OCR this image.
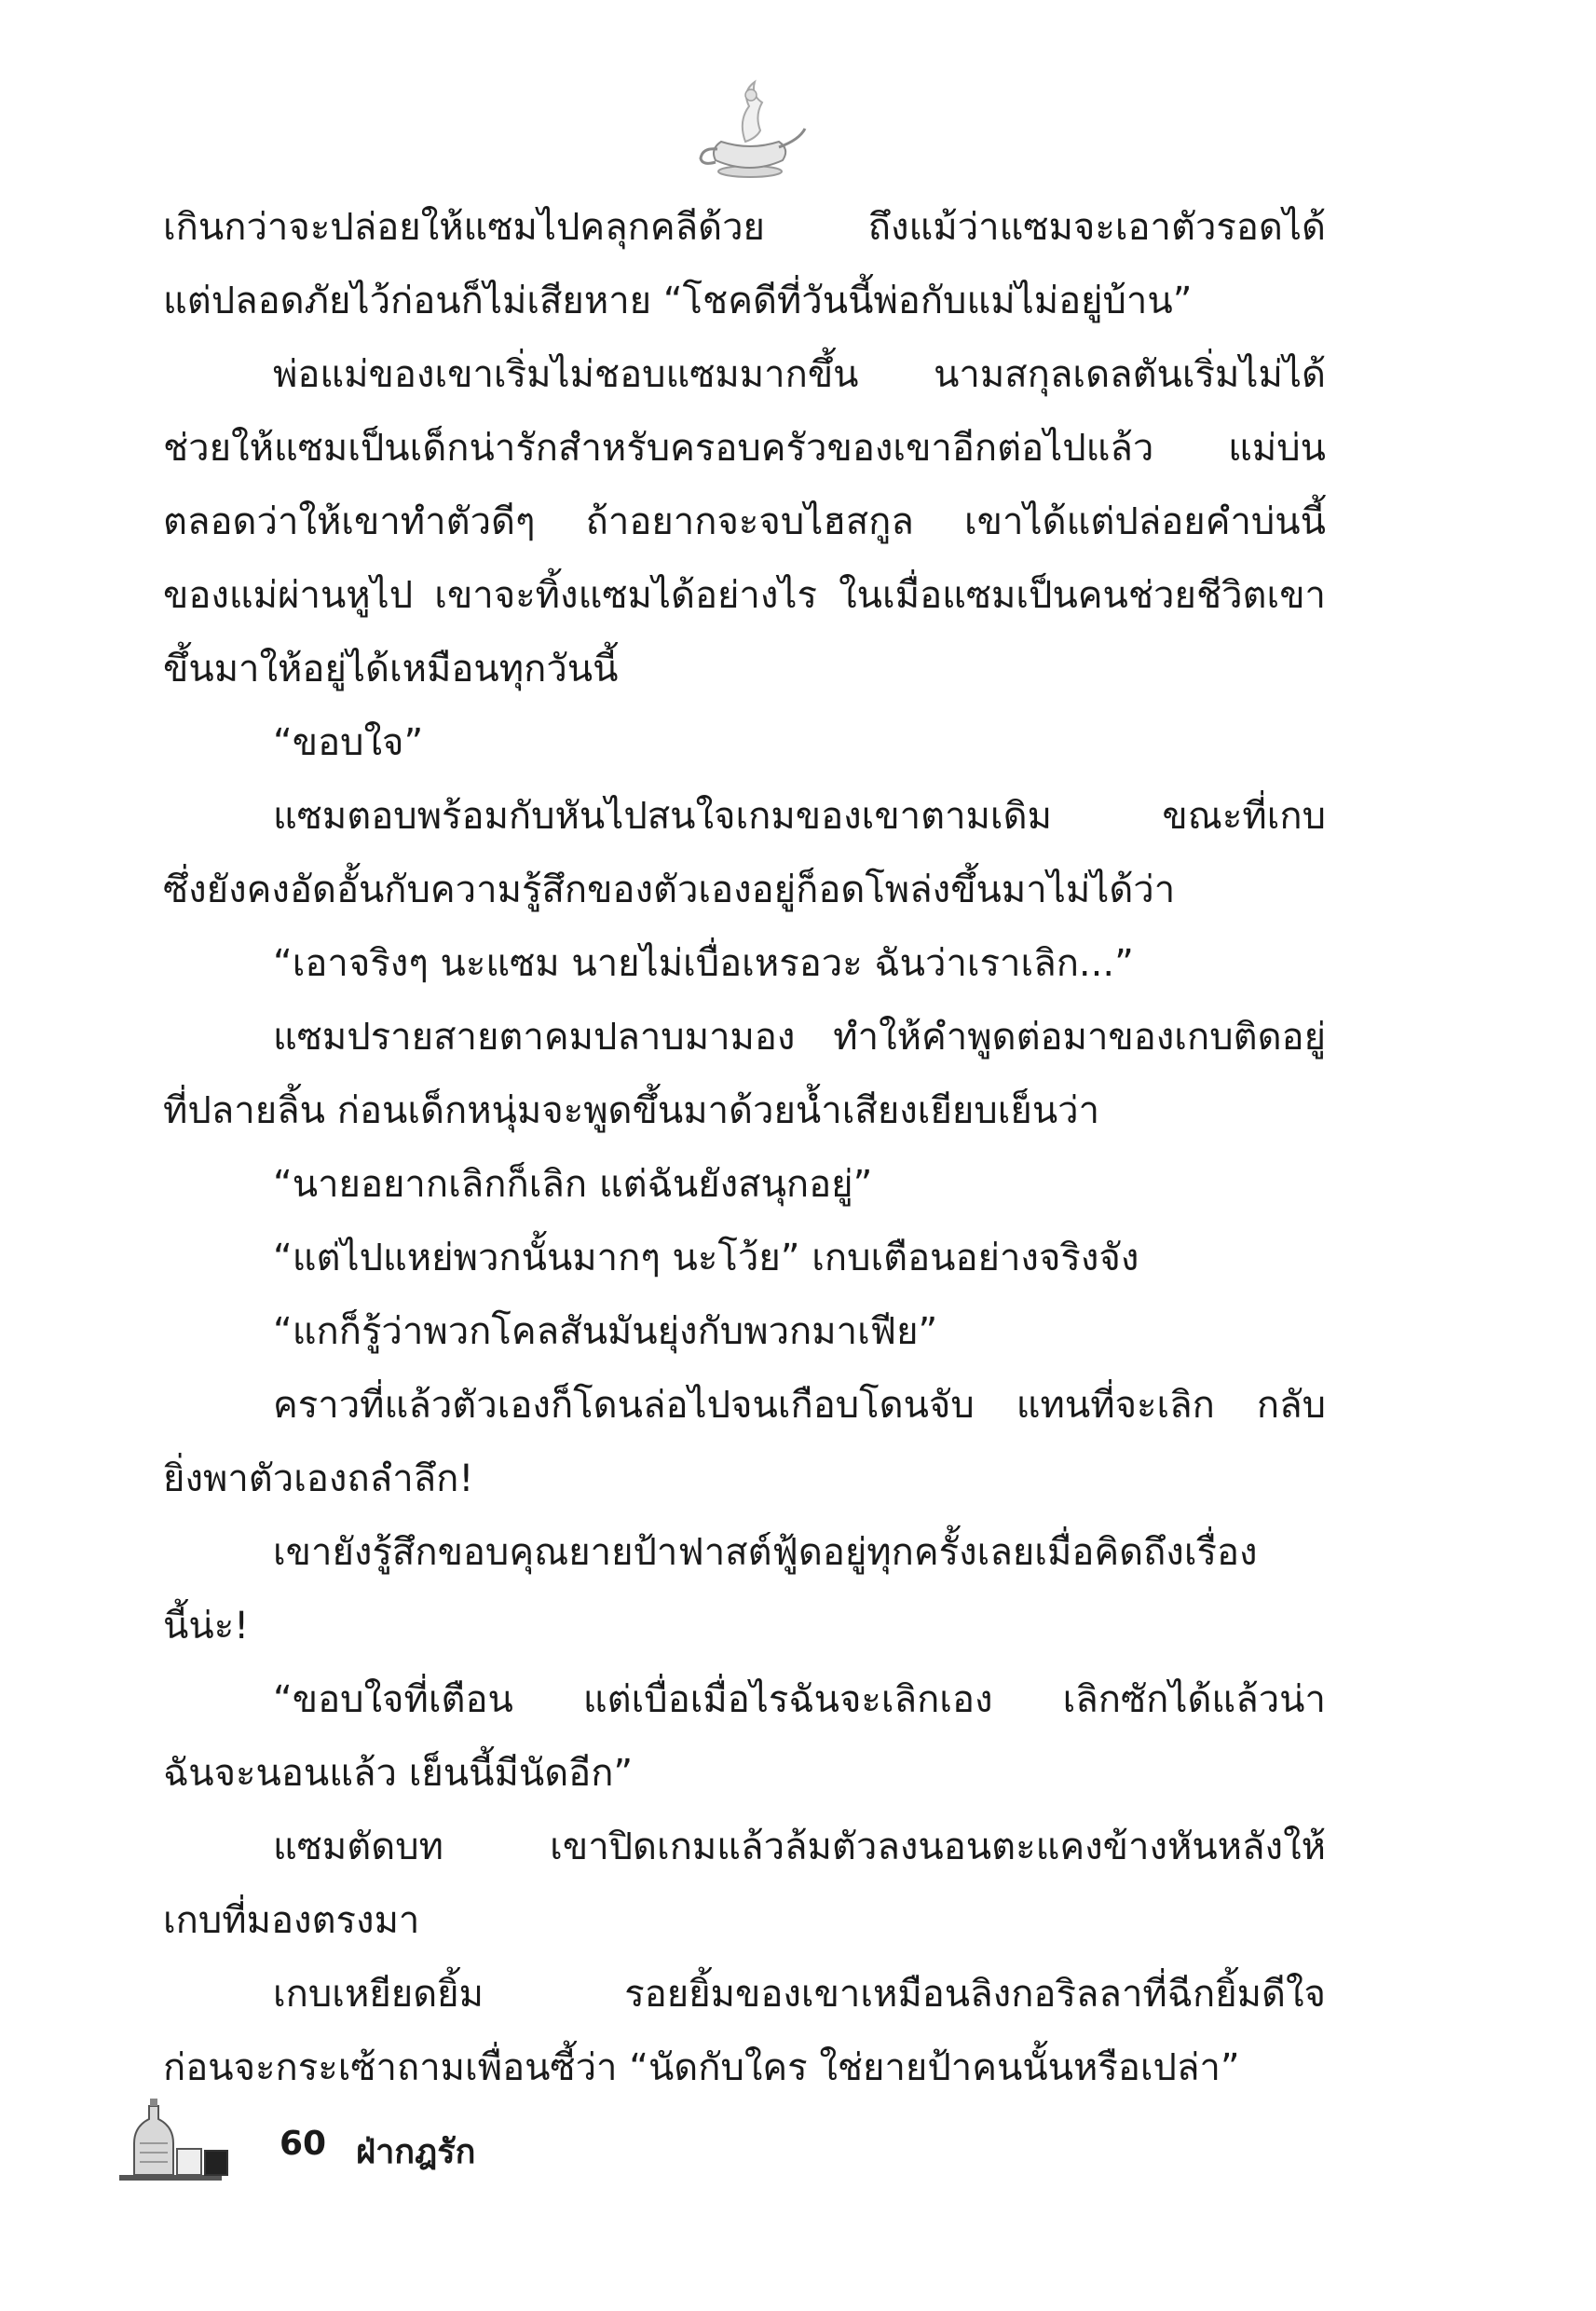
เกินกว่าจะปล่อยให้แซมไปคลุกคลีด้วย ถึงแม้ว่าแซมจะเอาตัวรอดได้
แต่ปลอดภัยไว้ก่อนก็ไม่เสียหาย “โชคดีที่วันนี้พ่อกับแม่ไม่อยู่บ้าน”
พ่อแม่ของเขาเริ่มไม่ชอบแซมมากขึ้น นามสกุลเดลตันเริ่มไม่ได้
ช่วยให้แซมเป็นเด็กน่ารักสำหรับครอบครัวของเขาอีกต่อไปแล้ว แม่บ่น
ตลอดว่าให้เขาทำตัวดีๆ ถ้าอยากจะจบไฮสกูล เขาได้แต่ปล่อยคำบ่นนี้
ของแม่ผ่านหูไป เขาจะทิ้งแซมได้อย่างไร ในเมื่อแซมเป็นคนช่วยชีวิตเขา
ขึ้นมาให้อยู่ได้เหมือนทุกวันนี้
“ขอบใจ”
แซมตอบพร้อมกับหันไปสนใจเกมของเขาตามเดิม ขณะที่เกบ
ซึ่งยังคงอัดอั้นกับความรู้สึกของตัวเองอยู่ก็อดโพล่งขึ้นมาไม่ได้ว่า
“เอาจริงๆ นะแซม นายไม่เบื่อเหรอวะ ฉันว่าเราเลิก...”
แซมปรายสายตาคมปลาบมามอง ทำให้คำพูดต่อมาของเกบติดอยู่
ที่ปลายลิ้น ก่อนเด็กหนุ่มจะพูดขึ้นมาด้วยน้ำเสียงเยียบเย็นว่า
“นายอยากเลิกก็เลิก แต่ฉันยังสนุกอยู่”
“แต่ไปแหย่พวกนั้นมากๆ นะโว้ย” เกบเตือนอย่างจริงจัง
“แกก็รู้ว่าพวกโคลสันมันยุ่งกับพวกมาเฟีย”
คราวที่แล้วตัวเองก็โดนล่อไปจนเกือบโดนจับ แทนที่จะเลิก กลับ
ยิ่งพาตัวเองถลำลึก!
เขายังรู้สึกขอบคุณยายป้าฟาสต์ฟู้ดอยู่ทุกครั้งเลยเมื่อคิดถึงเรื่อง
นี้น่ะ!
“ขอบใจที่เตือน แต่เบื่อเมื่อไรฉันจะเลิกเอง เลิกซักได้แล้วน่า
ฉันจะนอนแล้ว เย็นนี้มีนัดอีก”
แซมตัดบท เขาปิดเกมแล้วล้มตัวลงนอนตะแคงข้างหันหลังให้
เกบที่มองตรงมา
เกบเหยียดยิ้ม รอยยิ้มของเขาเหมือนลิงกอริลลาที่ฉีกยิ้มดีใจ
ก่อนจะกระเซ้าถามเพื่อนซี้ว่า “นัดกับใคร ใช่ยายป้าคนนั้นหรือเปล่า”
60 ฝ่ากฎรัก
